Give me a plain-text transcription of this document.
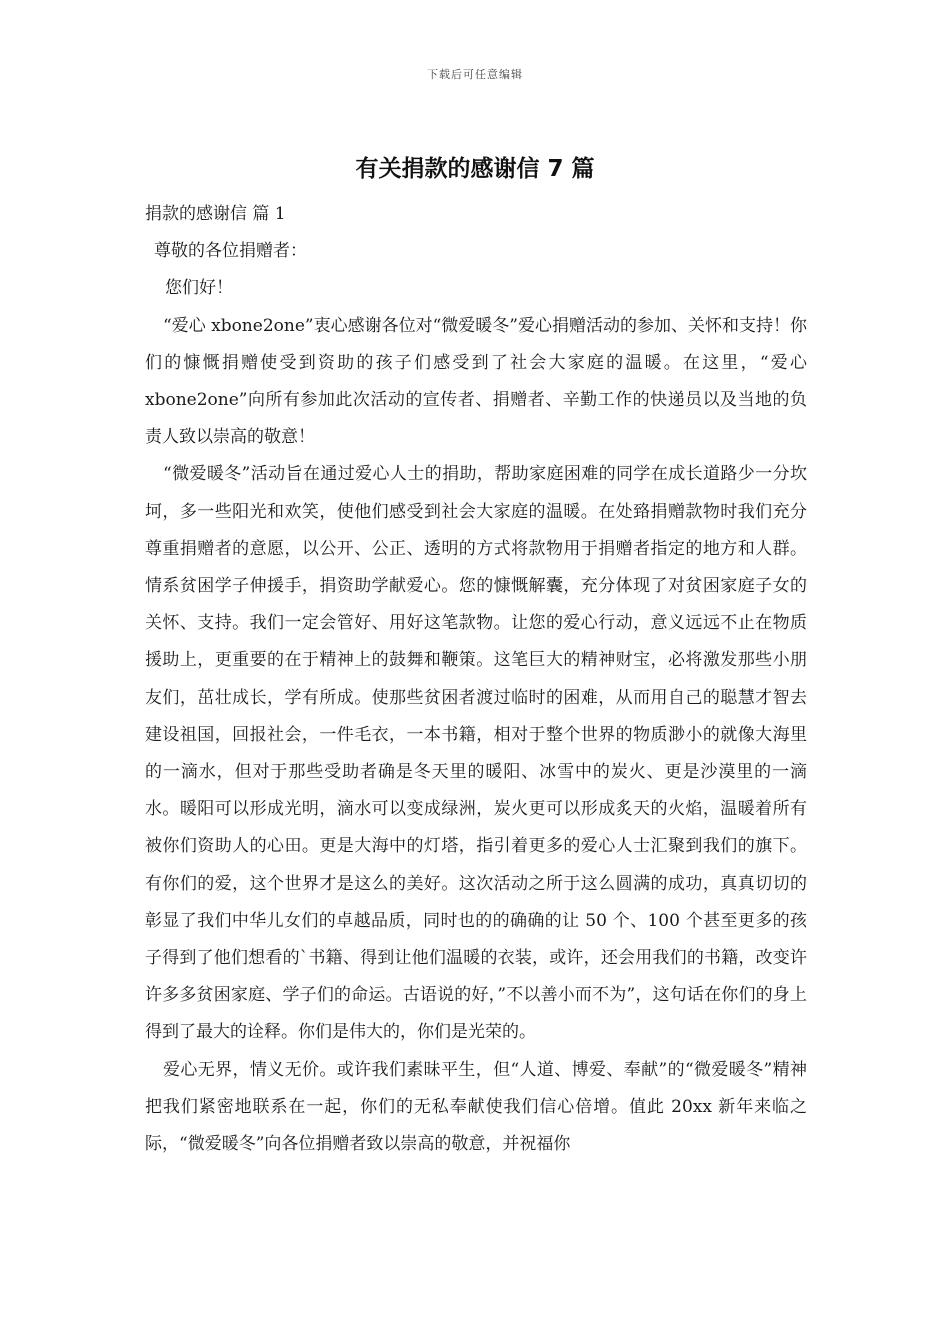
下载后可任意编辑
有关捐款的感谢信 7 篇

捐款的感谢信 篇 1

尊敬的各位捐赠者：

您们好！

“爱心 xbone2one”衷心感谢各位对“微爱暖冬”爱心捐赠活动的参加、关怀和支持！你们的慷慨捐赠使受到资助的孩子们感受到了社会大家庭的温暖。在这里，“爱心 xbone2one”向所有参加此次活动的宣传者、捐赠者、辛勤工作的快递员以及当地的负责人致以崇高的敬意！

“微爱暖冬”活动旨在通过爱心人士的捐助，帮助家庭困难的同学在成长道路少一分坎坷，多一些阳光和欢笑，使他们感受到社会大家庭的温暖。在处臵捐赠款物时我们充分尊重捐赠者的意愿，以公开、公正、透明的方式将款物用于捐赠者指定的地方和人群。 情系贫困学子伸援手，捐资助学献爱心。您的慷慨解囊，充分体现了对贫困家庭子女的关怀、支持。我们一定会管好、用好这笔款物。让您的爱心行动，意义远远不止在物质援助上，更重要的在于精神上的鼓舞和鞭策。这笔巨大的精神财宝，必将激发那些小朋友们，茁壮成长，学有所成。使那些贫困者渡过临时的困难，从而用自己的聪慧才智去建设祖国，回报社会，一件毛衣，一本书籍，相对于整个世界的物质渺小的就像大海里的一滴水，但对于那些受助者确是冬天里的暖阳、冰雪中的炭火、更是沙漠里的一滴水。暖阳可以形成光明，滴水可以变成绿洲，炭火更可以形成炙天的火焰，温暖着所有被你们资助人的心田。更是大海中的灯塔，指引着更多的爱心人士汇聚到我们的旗下。有你们的爱，这个世界才是这么的美好。这次活动之所于这么圆满的成功，真真切切的彰显了我们中华儿女们的卓越品质，同时也的的确确的让 50 个、100 个甚至更多的孩子得到了他们想看的`书籍、得到让他们温暖的衣装，或许，还会用我们的书籍，改变许许多多贫困家庭、学子们的命运。古语说的好，”不以善小而不为”，这句话在你们的身上得到了最大的诠释。你们是伟大的，你们是光荣的。

爱心无界，情义无价。或许我们素昧平生，但“人道、博爱、奉献”的“微爱暖冬”精神把我们紧密地联系在一起，你们的无私奉献使我们信心倍增。值此 20xx 新年来临之际，“微爱暖冬”向各位捐赠者致以崇高的敬意，并祝福你
